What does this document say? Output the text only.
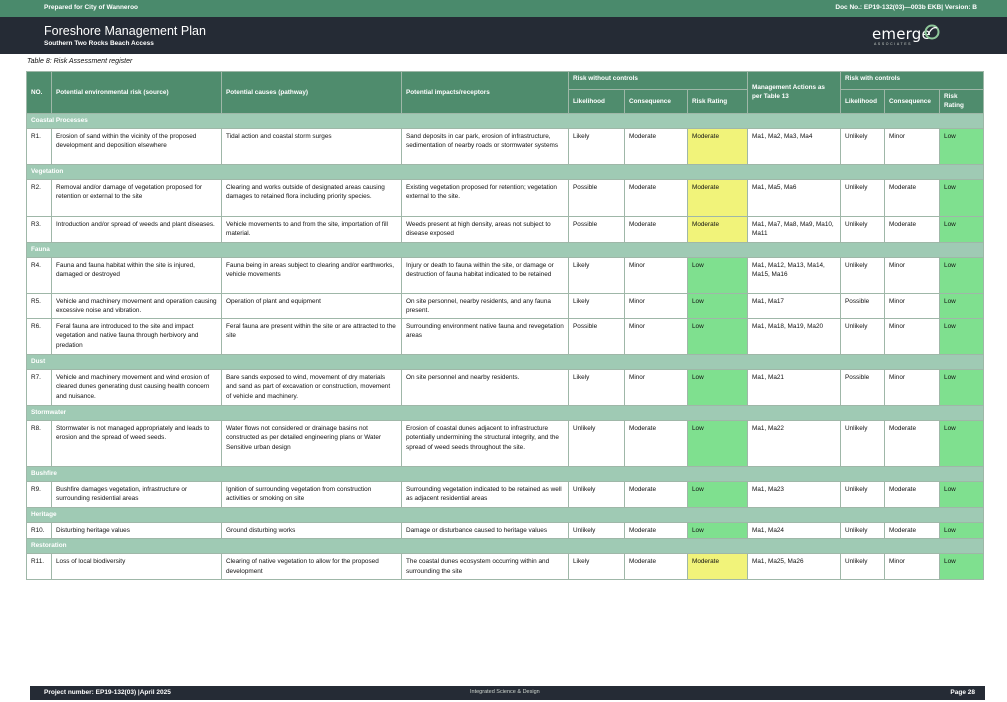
Prepared for City of Wanneroo	Doc No.: EP19-132(03)—003b EKB| Version: B
Foreshore Management Plan
Southern Two Rocks Beach Access
emerge
ASSOCIATES
Table 8: Risk Assessment register
NO.	Potential environmental risk (source)	Potential causes (pathway)	Potential impacts/receptors	Risk without controls			Management Actions as per Table 13	Risk with controls		
				Likelihood	Consequence	Risk Rating		Likelihood	Consequence	Risk Rating
Coastal Processes										
R1.	Erosion of sand within the vicinity of the proposed development and deposition elsewhere	Tidal action and coastal storm surges	Sand deposits in car park, erosion of infrastructure, sedimentation of nearby roads or stormwater systems	Likely	Moderate	Moderate	Ma1, Ma2, Ma3, Ma4	Unlikely	Minor	Low
Vegetation										
R2.	Removal and/or damage of vegetation proposed for retention or external to the site	Clearing and works outside of designated areas causing damages to retained flora including priority species.	Existing vegetation proposed for retention; vegetation external to the site.	Possible	Moderate	Moderate	Ma1, Ma5, Ma6	Unlikely	Moderate	Low
R3.	Introduction and/or spread of weeds and plant diseases.	Vehicle movements to and from the site, importation of fill material.	Weeds present at high density, areas not subject to disease exposed	Possible	Moderate	Moderate	Ma1, Ma7, Ma8, Ma9, Ma10, Ma11	Unlikely	Moderate	Low
Fauna										
R4.	Fauna and fauna habitat within the site is injured, damaged or destroyed	Fauna being in areas subject to clearing and/or earthworks, vehicle movements	Injury or death to fauna within the site, or damage or destruction of fauna habitat indicated to be retained	Likely	Minor	Low	Ma1, Ma12, Ma13, Ma14, Ma15, Ma16	Unlikely	Minor	Low
R5.	Vehicle and machinery movement and operation causing excessive noise and vibration.	Operation of plant and equipment	On site personnel, nearby residents, and any fauna present.	Likely	Minor	Low	Ma1, Ma17	Possible	Minor	Low
R6.	Feral fauna are introduced to the site and impact vegetation and native fauna through herbivory and predation	Feral fauna are present within the site or are attracted to the site	Surrounding environment native fauna and revegetation areas	Possible	Minor	Low	Ma1, Ma18, Ma19, Ma20	Unlikely	Minor	Low
Dust										
R7.	Vehicle and machinery movement and wind erosion of cleared dunes generating dust causing health concern and nuisance.	Bare sands exposed to wind, movement of dry materials and sand as part of excavation or construction, movement of vehicle and machinery.	On site personnel and nearby residents.	Likely	Minor	Low	Ma1, Ma21	Possible	Minor	Low
Stormwater										
R8.	Stormwater is not managed appropriately and leads to erosion and the spread of weed seeds.	Water flows not considered or drainage basins not constructed as per detailed engineering plans or Water Sensitive urban design	Erosion of coastal dunes adjacent to infrastructure potentially undermining the structural integrity, and the spread of weed seeds throughout the site.	Unlikely	Moderate	Low	Ma1, Ma22	Unlikely	Moderate	Low
Bushfire										
R9.	Bushfire damages vegetation, infrastructure or surrounding residential areas	Ignition of surrounding vegetation from construction activities or smoking on site	Surrounding vegetation indicated to be retained as well as adjacent residential areas	Unlikely	Moderate	Low	Ma1, Ma23	Unlikely	Moderate	Low
Heritage										
R10.	Disturbing heritage values	Ground disturbing works	Damage or disturbance caused to heritage values	Unlikely	Moderate	Low	Ma1, Ma24	Unlikely	Moderate	Low
Restoration										
R11.	Loss of local biodiversity	Clearing of native vegetation to allow for the proposed development	The coastal dunes ecosystem occurring within and surrounding the site	Likely	Moderate	Moderate	Ma1, Ma25, Ma26	Unlikely	Minor	Low
Project number: EP19-132(03) |April 2025	Integrated Science & Design	Page 28
